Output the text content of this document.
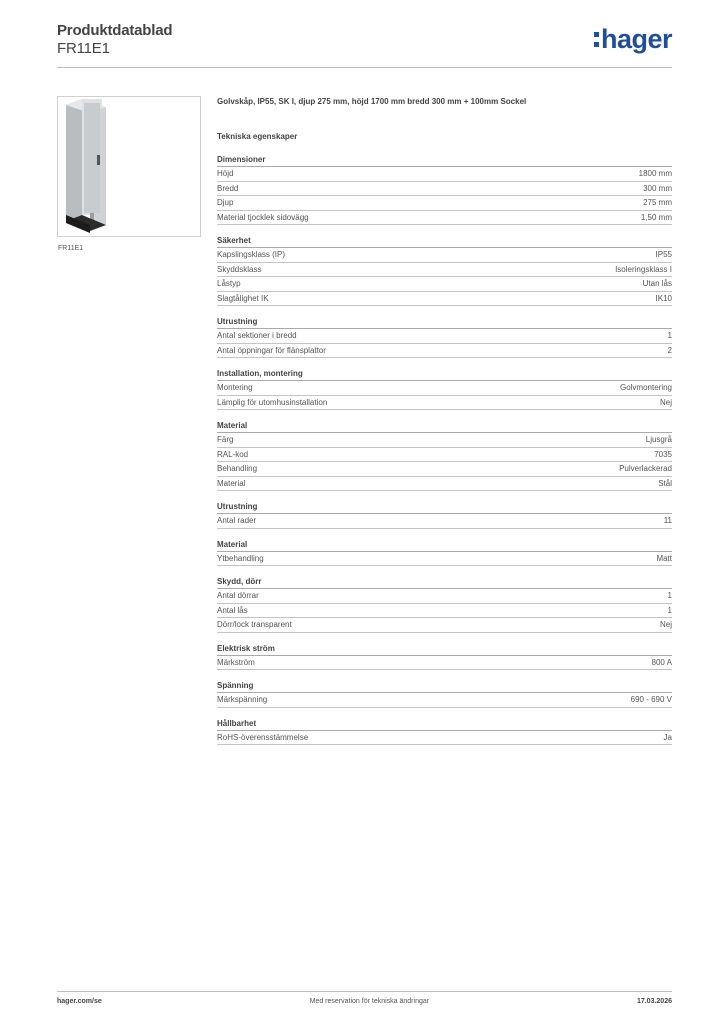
Produktdatablad
FR11E1	hager
FR11E1
Golvskåp, IP55, SK I, djup 275 mm, höjd 1700 mm bredd 300 mm + 100mm Sockel
Tekniska egenskaper
Dimensioner
Höjd	1800 mm
Bredd	300 mm
Djup	275 mm
Material tjocklek sidovägg	1,50 mm
Säkerhet
Kapslingsklass (IP)	IP55
Skyddsklass	Isoleringsklass I
Låstyp	Utan lås
Slagtålighet IK	IK10
Utrustning
Antal sektioner i bredd	1
Antal öppningar för flänsplattor	2
Installation, montering
Montering	Golvmontering
Lämplig för utomhusinstallation	Nej
Material
Färg	Ljusgrå
RAL-kod	7035
Behandling	Pulverlackerad
Material	Stål
Utrustning
Antal rader	11
Material
Ytbehandling	Matt
Skydd, dörr
Antal dörrar	1
Antal lås	1
Dörr/lock transparent	Nej
Elektrisk ström
Märkström	800 A
Spänning
Märkspänning	690 - 690 V
Hållbarhet
RoHS-överensstämmelse	Ja
hager.com/se	Med reservation för tekniska ändringar	17.03.2026
